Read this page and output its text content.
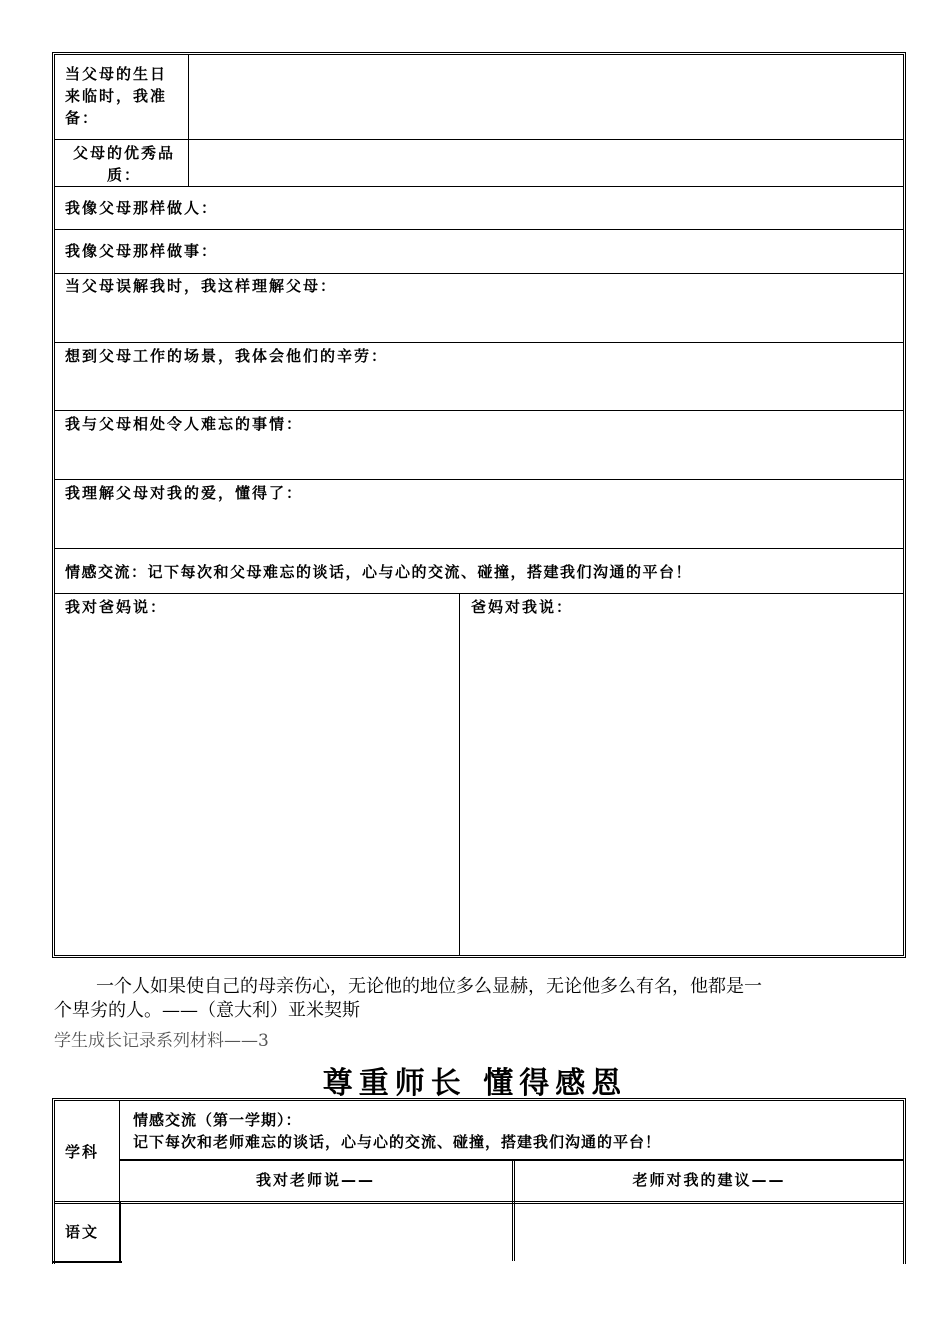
当父母的生日来临时，我准备：
父母的优秀品质：
我像父母那样做人：
我像父母那样做事：
当父母误解我时，我这样理解父母：
想到父母工作的场景，我体会他们的辛劳：
我与父母相处令人难忘的事情：
我理解父母对我的爱，懂得了：
情感交流：记下每次和父母难忘的谈话，心与心的交流、碰撞，搭建我们沟通的平台！
我对爸妈说：	爸妈对我说：
一个人如果使自己的母亲伤心，无论他的地位多么显赫，无论他多么有名，他都是一
个卑劣的人。——（意大利）亚米契斯
学生成长记录系列材料——3
尊重师长 懂得感恩
学科
情感交流（第一学期）：
记下每次和老师难忘的谈话，心与心的交流、碰撞，搭建我们沟通的平台！
我对老师说——	老师对我的建议——
语文
